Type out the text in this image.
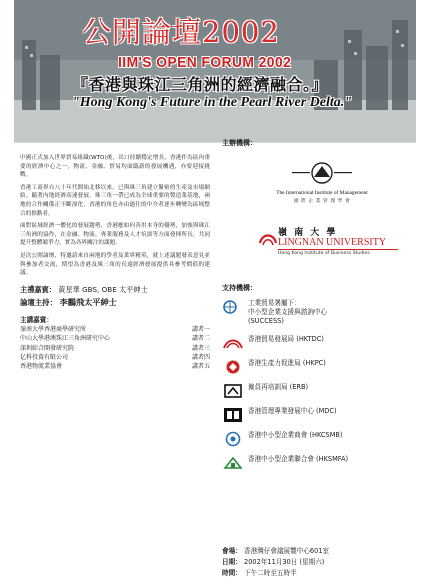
公開論壇2002
IIM'S OPEN FORUM 2002
『香港與珠江三角洲的經濟融合。』
"Hong Kong's Future in the Pearl River Delta."

中國正式加入世界貿易組織(WTO)後，出口持續穩定增長，香港作為區內重要的經濟中心之一，物流、金融、貿易均面臨新的發展機遇，亦要迎接挑戰。

香港工商界自八十年代開始北移以來，已與珠三角建立緊密的生產及市場網絡。隨著內地經濟高速發展，珠三角一帶已成為全球重要的製造業基地，兩地的合作關係正不斷深化，香港的角色亦由過往的中介者逐步轉變為區域整合的推動者。

面對區域經濟一體化的發展趨勢，香港應如何善用本身的優勢，加強與珠江三角洲的協作，在金融、物流、專業服務及人才培訓等方面發揮所長，共同提升整體競爭力，實為各界關注的課題。

是次公開論壇，特邀請來自兩地的學者及業界精英，就上述議題發表意見並與參加者交流，期望為香港及珠三角的長遠經濟發展提供具參考價值的建議。

主禮嘉賓： 黃星華 GBS, OBE 太平紳士
論壇主持： 李鵬飛太平紳士
主講嘉賓：
嶺南大學香港商學研究所	講者一
中山大學港澳珠江三角洲研究中心	講者二
深圳綜合開發研究院	講者三
亿科投資有限公司	講者四
香港物流業協會	講者五
主辦機構：
The International Institute of Management
國 際 企 業 管 理 學 會
嶺 南 大 學
LINGNAN UNIVERSITY
Hong Kong Institute of Business Studies
支持機構：
工業貿易署屬下：
中小型企業支援與諮詢中心
(SUCCESS)
香港貿易發展局 (HKTDC)
香港生產力促進局 (HKPC)
僱員再培訓局 (ERB)
香港管理專業發展中心 (MDC)
香港中小型企業商會 (HKCSMB)
香港中小型企業聯合會 (HKSMFA)
會場： 香港灣仔會議展覽中心601室
日期： 2002年11月30日 (星期六)
時間： 下午二時至五時半
